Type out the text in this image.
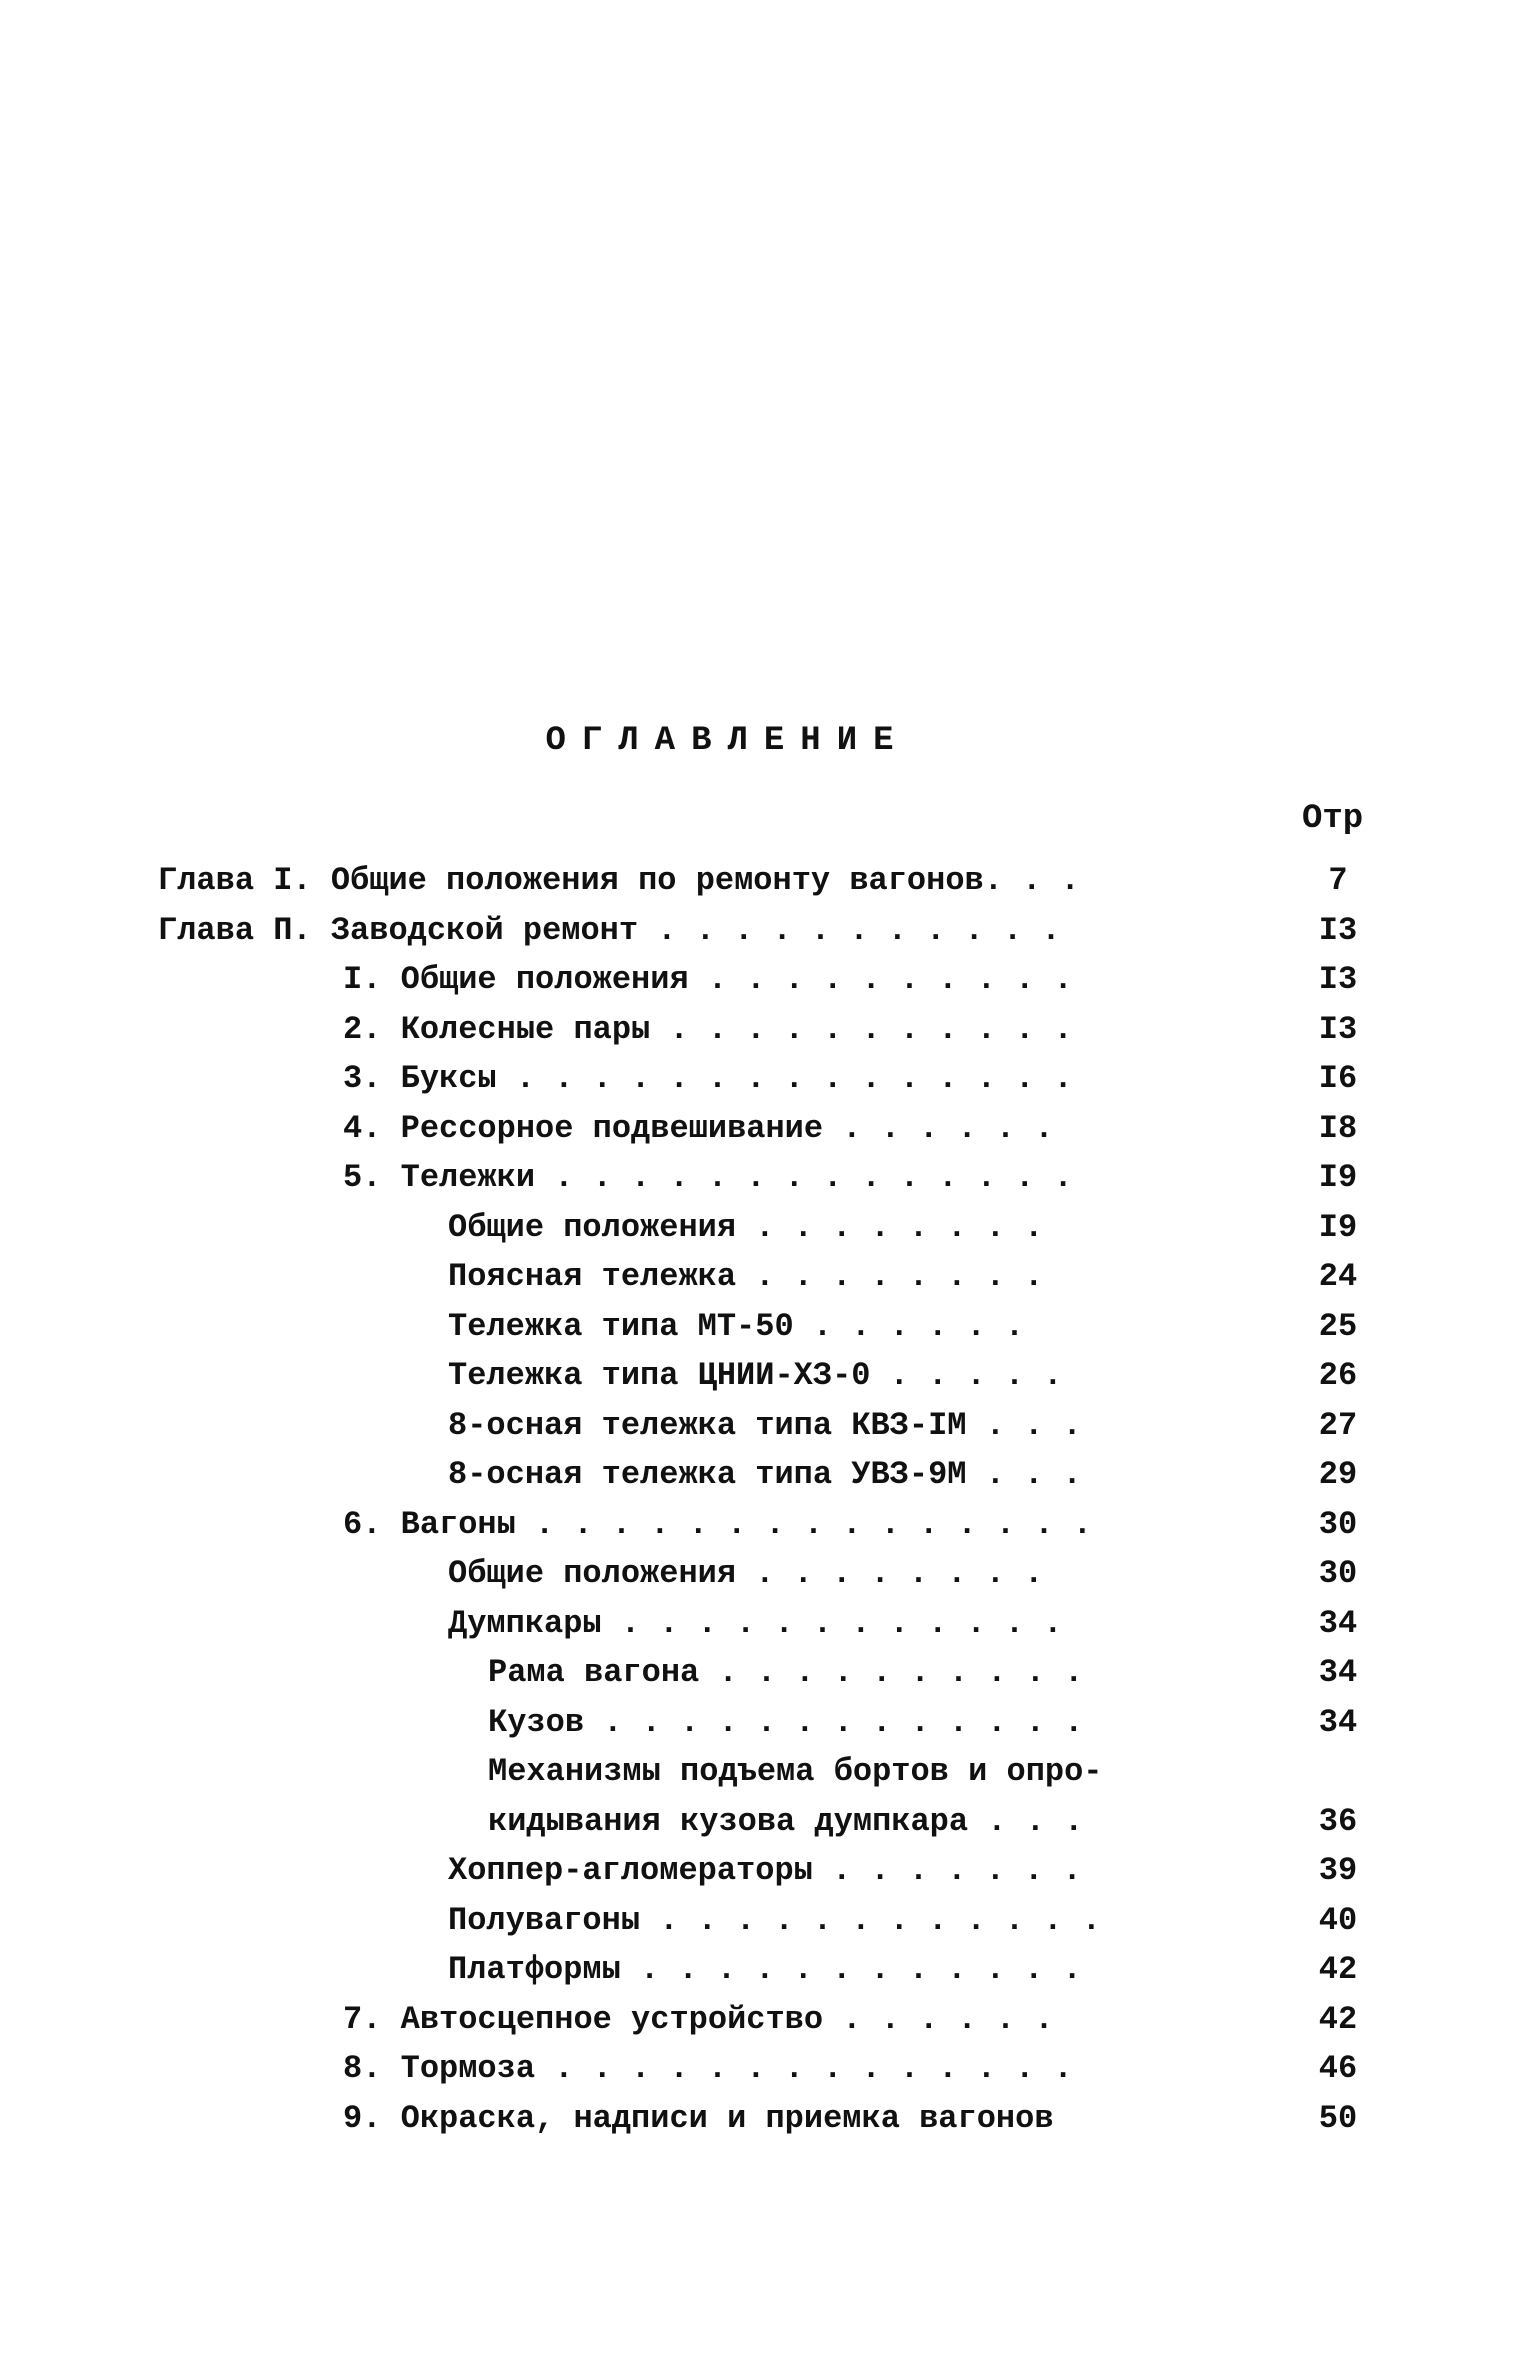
ОГЛАВЛЕНИЕ
Отр
Глава I. Общие положения по ремонту вагонов. . .	7
Глава П. Заводской ремонт . . . . . . . . . . .	I3
I. Общие положения . . . . . . . . . .	I3
2. Колесные пары . . . . . . . . . . .	I3
3. Буксы . . . . . . . . . . . . . . .	I6
4. Рессорное подвешивание . . . . . .	I8
5. Тележки . . . . . . . . . . . . . .	I9
Общие положения . . . . . . . .	I9
Поясная тележка . . . . . . . .	24
Тележка типа МТ-50 . . . . . .	25
Тележка типа ЦНИИ-ХЗ-0 . . . . .	26
8-осная тележка типа КВЗ-IМ . . .	27
8-осная тележка типа УВЗ-9М . . .	29
6. Вагоны . . . . . . . . . . . . . . .	30
Общие положения . . . . . . . .	30
Думпкары . . . . . . . . . . . .	34
Рама вагона . . . . . . . . . .	34
Кузов . . . . . . . . . . . . .	34
Механизмы подъема бортов и опро-
кидывания кузова думпкара . . .	36
Хоппер-агломераторы . . . . . . .	39
Полувагоны . . . . . . . . . . . .	40
Платформы . . . . . . . . . . . .	42
7. Автосцепное устройство . . . . . .	42
8. Тормоза . . . . . . . . . . . . . .	46
9. Окраска, надписи и приемка вагонов	50
